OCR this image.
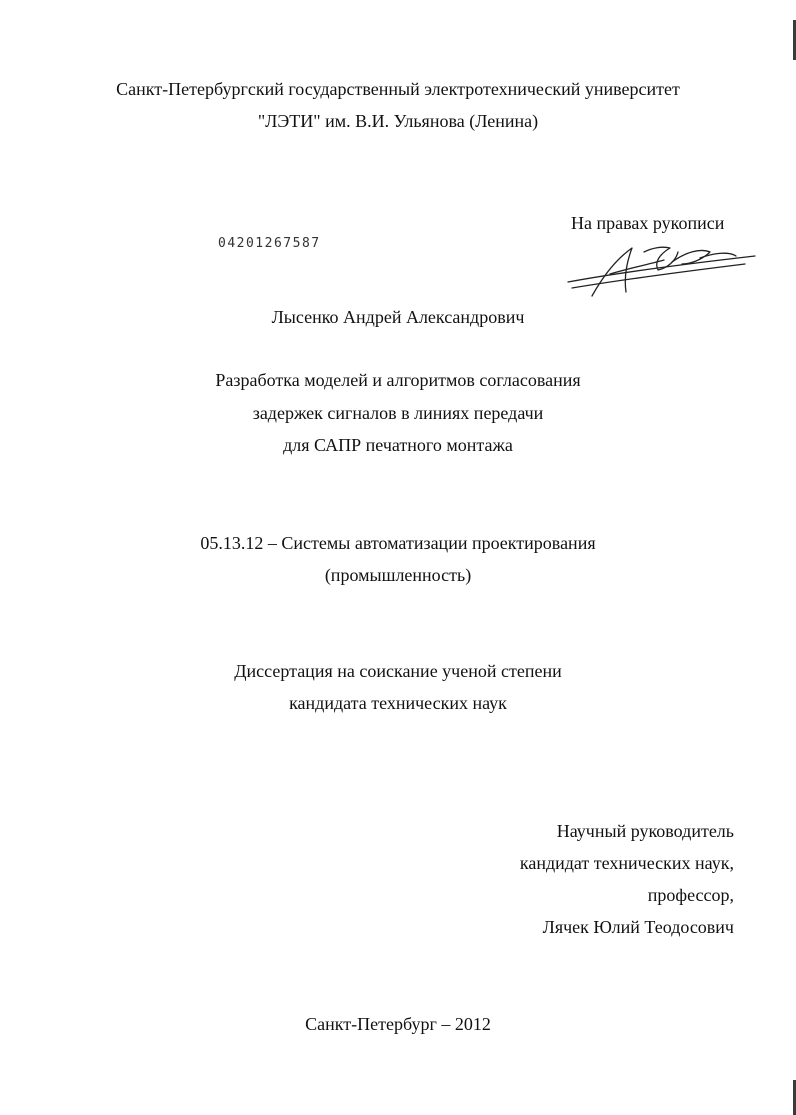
Санкт-Петербургский государственный электротехнический университет
"ЛЭТИ" им. В.И. Ульянова (Ленина)
На правах рукописи
04201267587
Лысенко Андрей Александрович
Разработка моделей и алгоритмов согласования
задержек сигналов в линиях передачи
для САПР печатного монтажа
05.13.12 – Системы автоматизации проектирования
(промышленность)
Диссертация на соискание ученой степени
кандидата технических наук
Научный руководитель
кандидат технических наук,
профессор,
Лячек Юлий Теодосович
Санкт-Петербург – 2012
